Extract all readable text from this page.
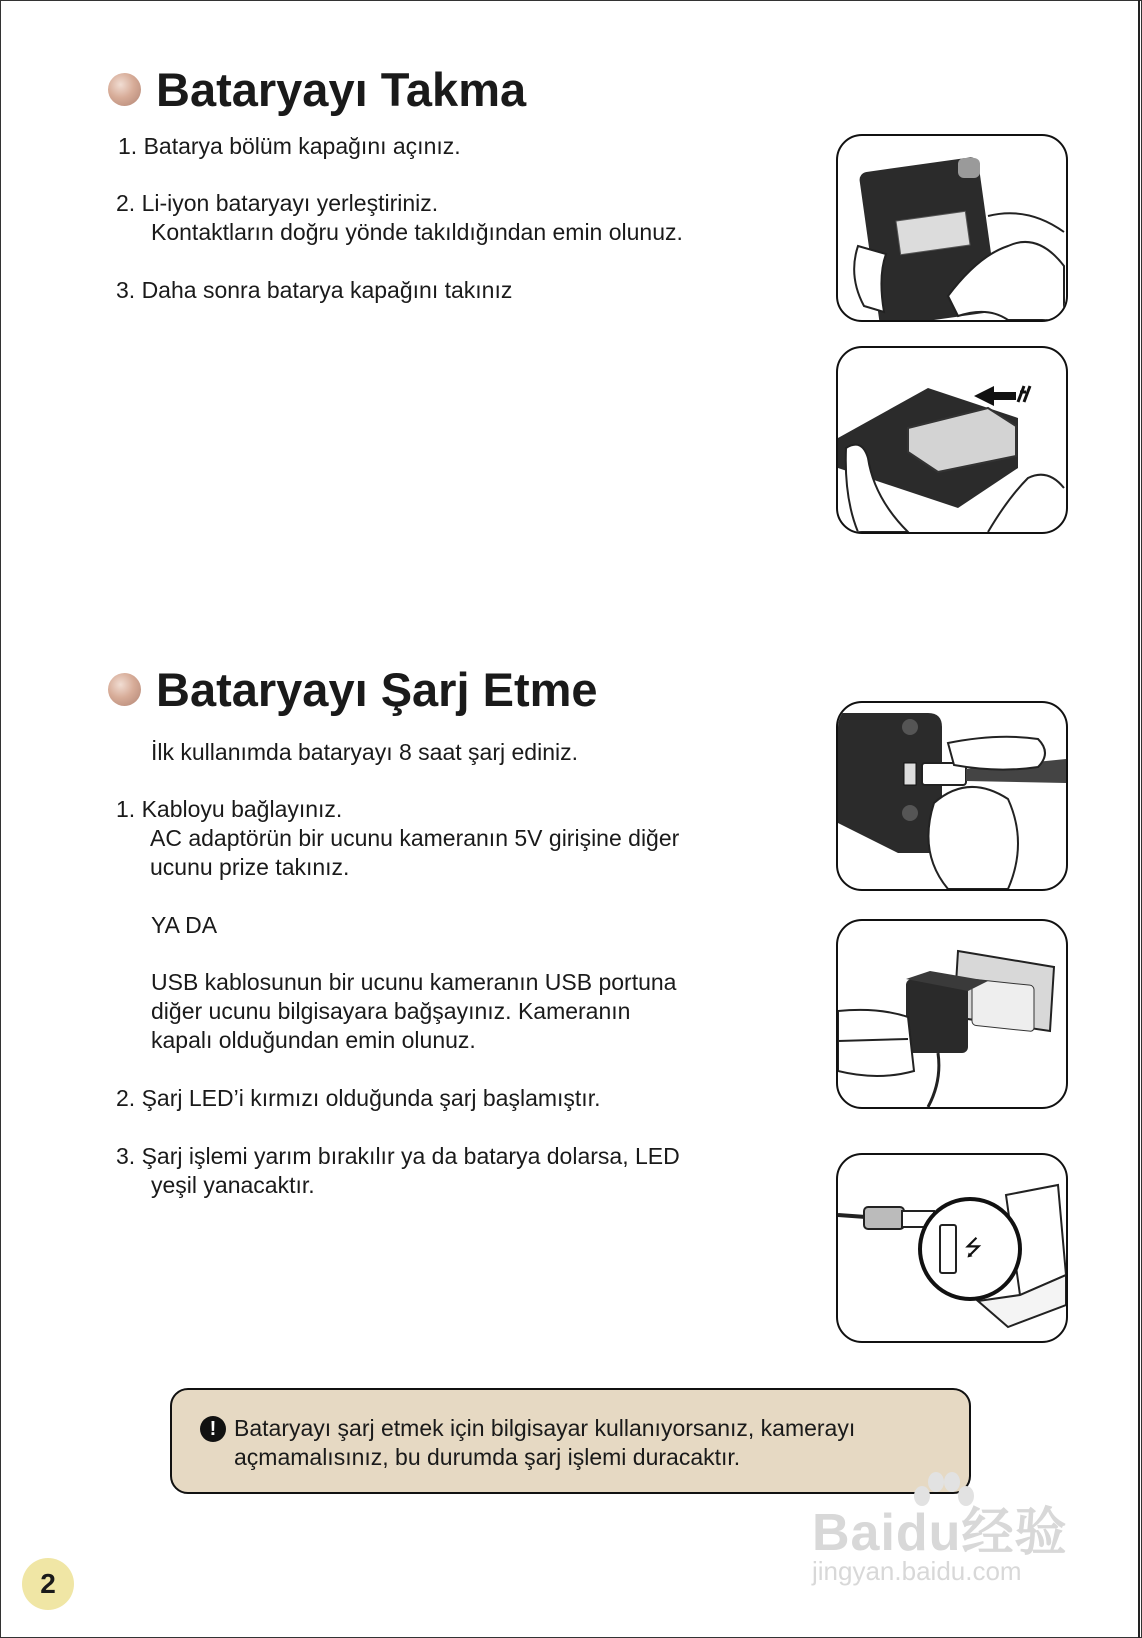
Bataryayı Takma
1. Batarya bölüm kapağını açınız.
2. Li-iyon bataryayı yerleştiriniz.
Kontaktların doğru yönde takıldığından emin olunuz.
3. Daha sonra batarya kapağını takınız
Bataryayı Şarj Etme
İlk kullanımda bataryayı 8 saat şarj ediniz.
1. Kabloyu bağlayınız.
AC adaptörün bir ucunu kameranın 5V girişine diğer
ucunu prize takınız.
YA DA
USB kablosunun bir ucunu kameranın USB portuna
diğer ucunu bilgisayara bağşayınız. Kameranın
kapalı olduğundan emin olunuz.
2. Şarj LED’i kırmızı olduğunda şarj başlamıştır.
3. Şarj işlemi yarım bırakılır ya da batarya dolarsa, LED
yeşil yanacaktır.
⭍
! Bataryayı şarj etmek için bilgisayar kullanıyorsanız, kamerayı
açmamalısınız, bu durumda şarj işlemi duracaktır.
2
Baidu经验
jingyan.baidu.com
